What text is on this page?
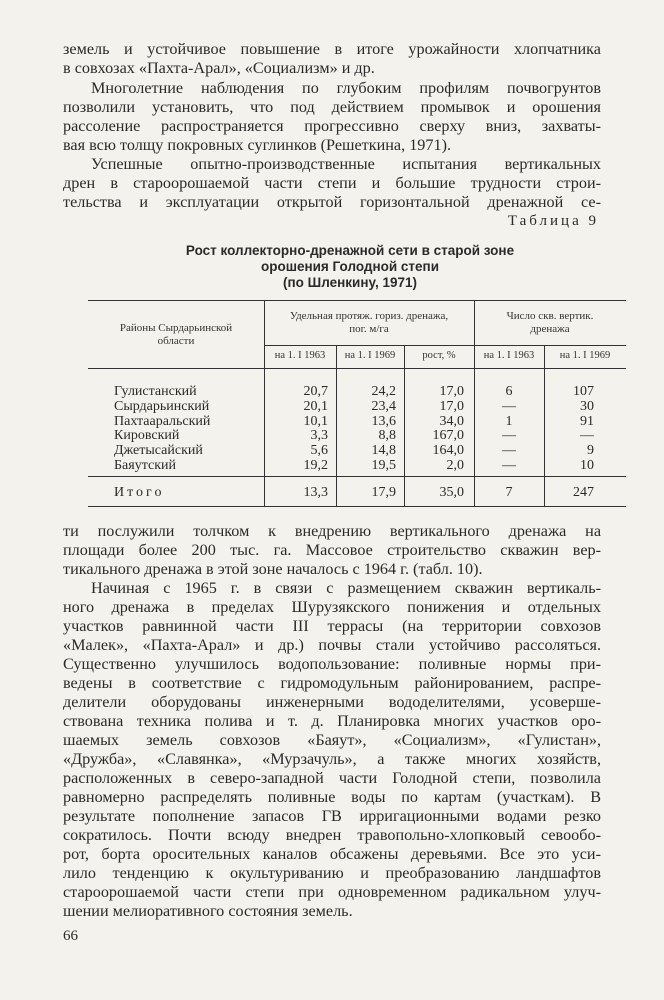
земель и устойчивое повышение в итоге урожайности хлопчатника
в совхозах «Пахта-Арал», «Социализм» и др.
Многолетние наблюдения по глубоким профилям почвогрунтов
позволили установить, что под действием промывок и орошения
рассоление распространяется прогрессивно сверху вниз, захваты-
вая всю толщу покровных суглинков (Решеткина, 1971).
Успешные опытно-производственные испытания вертикальных
дрен в староорошаемой части степи и большие трудности строи-
тельства и эксплуатации открытой горизонтальной дренажной се-
Таблица 9
Рост коллекторно-дренажной сети в старой зоне
орошения Голодной степи
(по Шленкину, 1971)
Районы Сырдарьинской
области
Удельная протяж. гориз. дренажа,
пог. м/га
Число скв. вертик.
дренажа
на 1. I 1963	на 1. I 1969	рост, %	на 1. I 1963	на 1. I 1969
Гулистанский	20,7	24,2	17,0	6	107
Сырдарьинский	20,1	23,4	17,0	—	30
Пахтааральский	10,1	13,6	34,0	1	91
Кировский	3,3	8,8	167,0	—	—
Джетысайский	5,6	14,8	164,0	—	9
Баяутский	19,2	19,5	2,0	—	10
Итого	13,3	17,9	35,0	7	247
ти послужили толчком к внедрению вертикального дренажа на
площади более 200 тыс. га. Массовое строительство скважин вер-
тикального дренажа в этой зоне началось с 1964 г. (табл. 10).
Начиная с 1965 г. в связи с размещением скважин вертикаль-
ного дренажа в пределах Шурузякского понижения и отдельных
участков равнинной части III террасы (на территории совхозов
«Малек», «Пахта-Арал» и др.) почвы стали устойчиво рассоляться.
Существенно улучшилось водопользование: поливные нормы при-
ведены в соответствие с гидромодульным районированием, распре-
делители оборудованы инженерными вододелителями, усоверше-
ствована техника полива и т. д. Планировка многих участков оро-
шаемых земель совхозов «Баяут», «Социализм», «Гулистан»,
«Дружба», «Славянка», «Мурзачуль», а также многих хозяйств,
расположенных в северо-западной части Голодной степи, позволила
равномерно распределять поливные воды по картам (участкам). В
результате пополнение запасов ГВ ирригационными водами резко
сократилось. Почти всюду внедрен травопольно-хлопковый севообо-
рот, борта оросительных каналов обсажены деревьями. Все это уси-
лило тенденцию к окультуриванию и преобразованию ландшафтов
староорошаемой части степи при одновременном радикальном улуч-
шении мелиоративного состояния земель.
66
